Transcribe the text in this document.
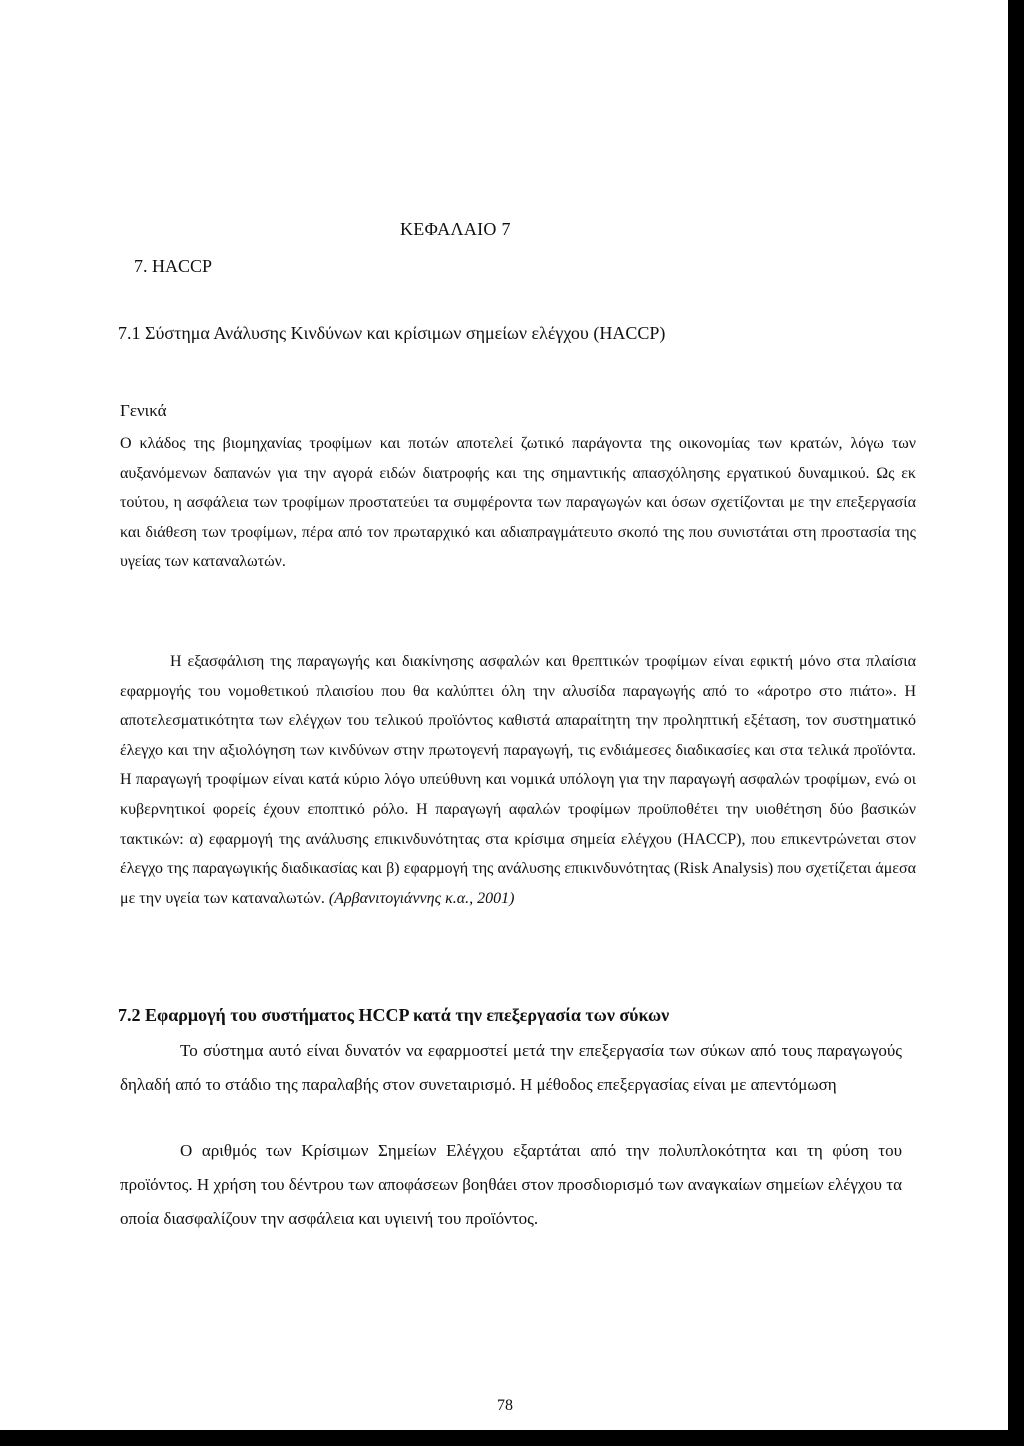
ΚΕΦΑΛΑΙΟ 7
7. HACCP
7.1 Σύστημα Ανάλυσης Κινδύνων και κρίσιμων σημείων ελέγχου (HACCP)
Γενικά

Ο κλάδος της βιομηχανίας τροφίμων και ποτών αποτελεί ζωτικό παράγοντα της οικονομίας των κρατών, λόγω των αυξανόμενων δαπανών για την αγορά ειδών διατροφής και της σημαντικής απασχόλησης εργατικού δυναμικού. Ως εκ τούτου, η ασφάλεια των τροφίμων προστατεύει τα συμφέροντα των παραγωγών και όσων σχετίζονται με την επεξεργασία και διάθεση των τροφίμων, πέρα από τον πρωταρχικό και αδιαπραγμάτευτο σκοπό της που συνιστάται στη προστασία της υγείας των καταναλωτών.

Η εξασφάλιση της παραγωγής και διακίνησης ασφαλών και θρεπτικών τροφίμων είναι εφικτή μόνο στα πλαίσια εφαρμογής του νομοθετικού πλαισίου που θα καλύπτει όλη την αλυσίδα παραγωγής από το «άροτρο στο πιάτο». Η αποτελεσματικότητα των ελέγχων του τελικού προϊόντος καθιστά απαραίτητη την προληπτική εξέταση, τον συστηματικό έλεγχο και την αξιολόγηση των κινδύνων στην πρωτογενή παραγωγή, τις ενδιάμεσες διαδικασίες και στα τελικά προϊόντα. Η παραγωγή τροφίμων είναι κατά κύριο λόγο υπεύθυνη και νομικά υπόλογη για την παραγωγή ασφαλών τροφίμων, ενώ οι κυβερνητικοί φορείς έχουν εποπτικό ρόλο. Η παραγωγή αφαλών τροφίμων προϋποθέτει την υιοθέτηση δύο βασικών τακτικών: α) εφαρμογή της ανάλυσης επικινδυνότητας στα κρίσιμα σημεία ελέγχου (HACCP), που επικεντρώνεται στον έλεγχο της παραγωγικής διαδικασίας και β) εφαρμογή της ανάλυσης επικινδυνότητας (Risk Analysis) που σχετίζεται άμεσα με την υγεία των καταναλωτών. (Αρβανιτογιάννης κ.α., 2001)

7.2 Εφαρμογή του συστήματος HCCP κατά την επεξεργασία των σύκων

Το σύστημα αυτό είναι δυνατόν να εφαρμοστεί μετά την επεξεργασία των σύκων από τους παραγωγούς δηλαδή από το στάδιο της παραλαβής στον συνεταιρισμό. Η μέθοδος επεξεργασίας είναι με απεντόμωση

Ο αριθμός των Κρίσιμων Σημείων Ελέγχου εξαρτάται από την πολυπλοκότητα και τη φύση του προϊόντος. Η χρήση του δέντρου των αποφάσεων βοηθάει στον προσδιορισμό των αναγκαίων σημείων ελέγχου τα οποία διασφαλίζουν την ασφάλεια και υγιεινή του προϊόντος.

78
